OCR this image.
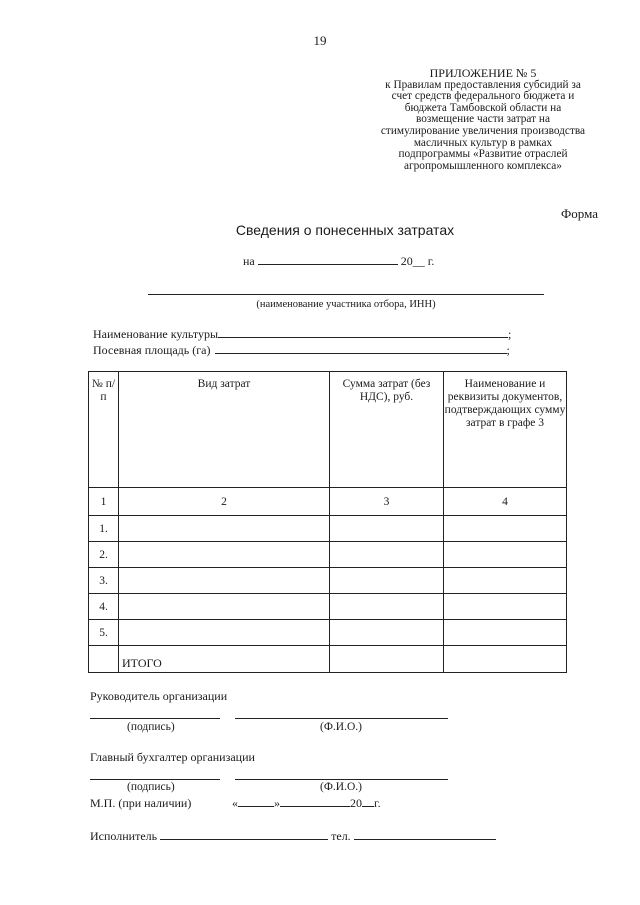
19
ПРИЛОЖЕНИЕ № 5
к Правилам предоставления субсидий за
счет средств федерального бюджета и
бюджета Тамбовской области на
возмещение части затрат на
стимулирование увеличения производства
масличных культур в рамках
подпрограммы «Развитие отраслей
агропромышленного комплекса»
Форма
Сведения о понесенных затратах
на	20__ г.
(наименование участника отбора, ИНН)
Наименование культуры	;
Посевная площадь (га)	;
№ п/п	Вид затрат	Сумма затрат (без НДС), руб.	Наименование и реквизиты документов, подтверждающих сумму затрат в графе 3
1	2	3	4
1.			
2.			
3.			
4.			
5.			
	ИТОГО		
Руководитель организации
(подпись)	(Ф.И.О.)
Главный бухгалтер организации
(подпись)	(Ф.И.О.)
М.П. (при наличии)	«	»	20 г.
Исполнитель	тел.
